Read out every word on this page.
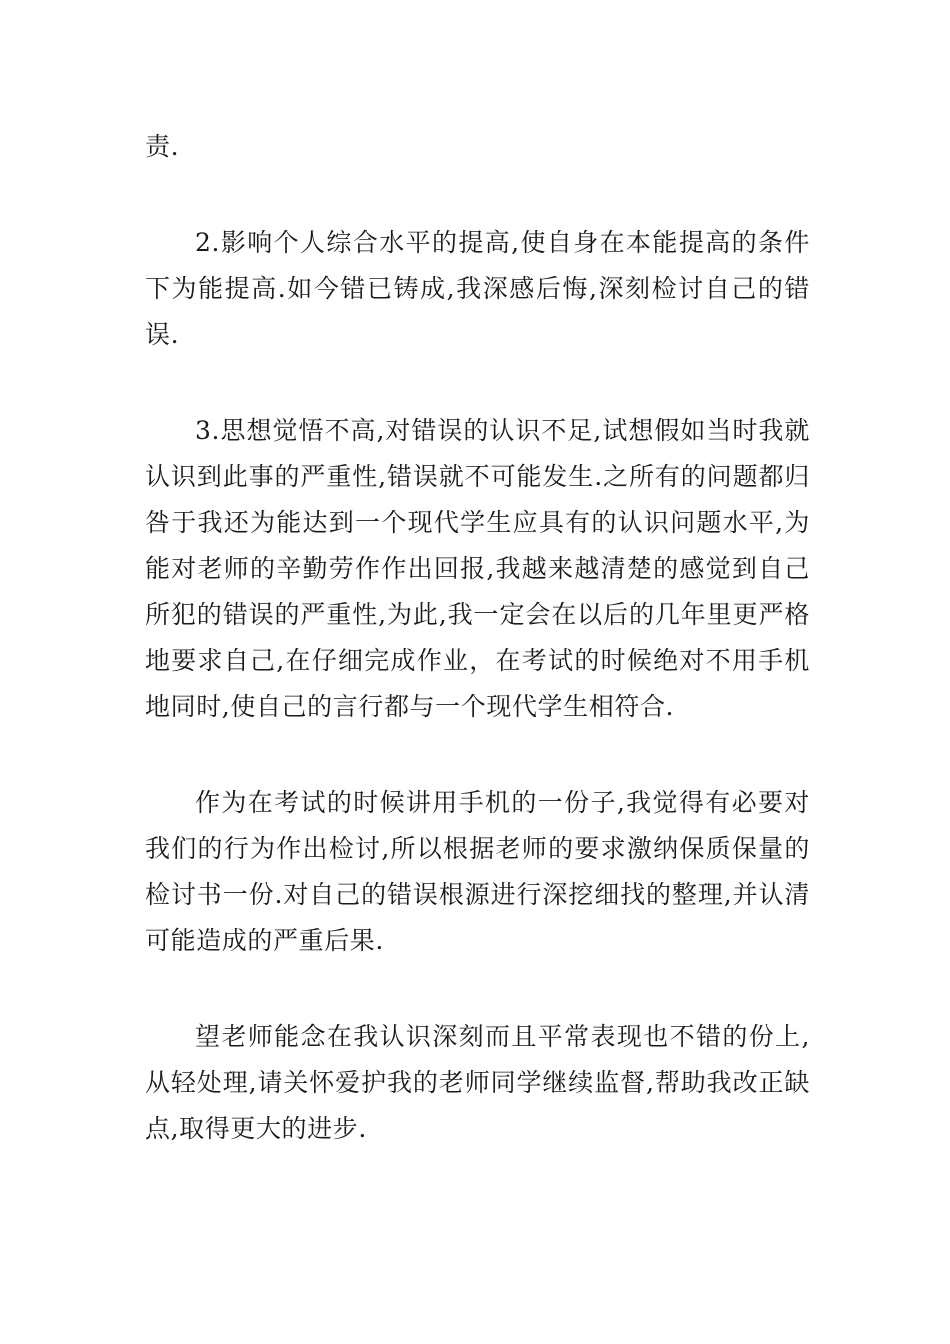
责.

2.影响个人综合水平的提高,使自身在本能提高的条件下为能提高.如今错已铸成,我深感后悔,深刻检讨自己的错误.

3.思想觉悟不高,对错误的认识不足,试想假如当时我就认识到此事的严重性,错误就不可能发生.之所有的问题都归咎于我还为能达到一个现代学生应具有的认识问题水平,为能对老师的辛勤劳作作出回报,我越来越清楚的感觉到自己所犯的错误的严重性,为此,我一定会在以后的几年里更严格地要求自己,在仔细完成作业，在考试的时候绝对不用手机地同时,使自己的言行都与一个现代学生相符合.

作为在考试的时候讲用手机的一份子,我觉得有必要对我们的行为作出检讨,所以根据老师的要求激纳保质保量的检讨书一份.对自己的错误根源进行深挖细找的整理,并认清可能造成的严重后果.

望老师能念在我认识深刻而且平常表现也不错的份上,从轻处理,请关怀爱护我的老师同学继续监督,帮助我改正缺点,取得更大的进步.
